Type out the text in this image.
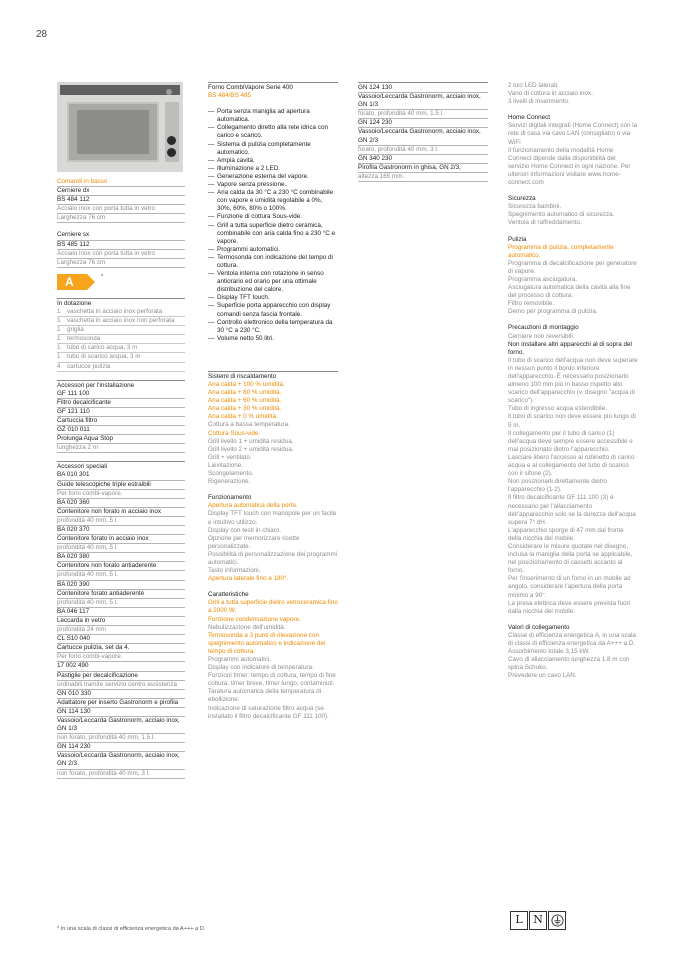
28
Comandi in basso
Cerniere dx
BS 484 112
Acciaio inox con porta tutta in vetro
Larghezza 76 cm
Cerniere sx
BS 485 112
Acciaio inox con porta tutta in vetro
Larghezza 76 cm
A	*
In dotazione
1 vaschetta in acciaio inox perforata
1 vaschetta in acciaio inox non perforata
1 griglia
1 termosonda
1 tubo di carico acqua, 3 m
1 tubo di scarico acqua, 3 m
4 cartucce pulizia
Accessori per l'installazione
GF 111 100
Filtro decalcificante
GF 121 110
Cartuccia filtro
GZ 010 011
Prolunga Aqua Stop
lunghezza 2 m
Accessori speciali
BA 010 301
Guide telescopiche triple estraibili
Per forni combi-vapore.
BA 020 360
Contenitore non forato in acciaio inox
profondità 40 mm, 5 l.
BA 020 370
Contenitore forato in acciaio inox
profondità 40 mm, 5 l.
BA 020 380
Contenitore non forato antiaderente
profondità 40 mm, 5 l.
BA 020 390
Contenitore forato antiaderente
profondità 40 mm, 5 l.
BA 046 117
Leccarda in vetro
profondità 24 mm
CL S10 040
Cartucce pulizia, set da 4.
Per forni combi-vapore.
17 002 490
Pastiglie per decalcificazione
ordinabili tramite servizio centro assistenza
GN 010 330
Adattatore per inserto Gastronorm e pirofila
GN 114 130
Vassoio/Leccarda Gastronorm, acciaio inox, GN 1/3
non forato, profondità 40 mm, 1.5 l.
GN 114 230
Vassoio/Leccarda Gastronorm, acciaio inox, GN 2/3
non forato, profondità 40 mm, 3 l.
Forno CombiVapore Serie 400
BS 484/BS 485
— Porta senza maniglia ad apertura automatica.
— Collegamento diretto alla rete idrica con carico e scarico.
— Sistema di pulizia completamente automatico.
— Ampia cavità.
— Illuminazione a 2 LED.
— Generazione esterna del vapore.
— Vapore senza pressione.
— Aria calda da 30 °C a 230 °C combinabile con vapore e umidità regolabile a 0%, 30%, 60%, 80% o 100%.
— Funzione di cottura Sous-vide.
— Grill a tutta superficie dietro ceramica, combinabile con aria calda fino a 230 °C e vapore.
— Programmi automatici.
— Termosonda con indicazione del tempo di cottura.
— Ventola interna con rotazione in senso antiorario ed orario per una ottimale distribuzione del calore.
— Display TFT touch.
— Superficie porta apparecchio con display comandi senza fascia frontale.
— Controllo elettronico della temperatura da 30 °C a 230 °C.
— Volume netto 50 litri.
Sistemi di riscaldamento
Aria calda + 100 % umidità.
Aria calda + 80 % umidità.
Aria calda + 60 % umidità.
Aria calda + 30 % umidità.
Aria calda + 0 % umidità.
Cottura a bassa temperatura.
Cottura Sous-vide.
Grill livello 1 + umidità residua.
Grill livello 2 + umidità residua.
Grill + ventilato.
Lievitazione.
Scongelamento.
Rigenerazione.
Funzionamento
Apertura automatica della porta.
Display TFT touch con manopole per un facile e intuitivo utilizzo.
Display con testi in chiaro.
Opzione per memorizzare ricette personalizzate.
Possibilità di personalizzazione dei programmi automatici.
Tasto informazioni.
Apertura laterale fino a 180°.
Caratteristiche
Grill a tutta superficie dietro vetroceramica fino a 2000 W.
Funzione condensazione vapore.
Nebulizzazione dell'umidità.
Termosonda a 3 punti di rilevazione con spegnimento automatico e indicazione del tempo di cottura.
Programmi automatici.
Display con indicatore di temperatura.
Funzioni timer: tempo di cottura, tempo di fine cottura, timer breve, timer lungo, contaminuti.
Taratura automatica della temperatura di ebollizione.
Indicazione di saturazione filtro acqua (se installato il filtro decalcificante GF 111 100).
GN 124 130
Vassoio/Leccarda Gastronorm, acciaio inox, GN 1/3
forato, profondità 40 mm, 1.5 l.
GN 124 230
Vassoio/Leccarda Gastronorm, acciaio inox, GN 2/3
forato, profondità 40 mm, 3 l.
GN 340 230
Pirofila Gastronorm in ghisa, GN 2/3,
altezza 165 mm.
2 luci LED laterali.
Vano di cottura in acciaio inox.
3 livelli di inserimento.
Home Connect
Servizi digitali integrati (Home Connect) con la rete di casa via cavo LAN (consigliato) o via WiFi
Il funzionamento della modalità Home Connect dipende dalla disponibilità del servizio Home Connect in ogni nazione. Per ulteriori informazioni visitare www.home-connect.com
Sicurezza
Sicurezza bambini.
Spegnimento automatico di sicurezza.
Ventola di raffreddamento.
Pulizia
Programma di pulizia, completamente automatico.
Programma di decalcificazione per generatore di vapore.
Programma asciugatura.
Asciugatura automatica della cavità alla fine del processo di cottura.
Filtro removibile.
Demo per programma di pulizia.
Precauzioni di montaggio
Cerniere non reversibili.
Non installare altri apparecchi al di sopra del forno.
Il tubo di scarico dell'acqua non deve superare in nessun punto il bordo inferiore dell'apparecchio. È necessario posizionarlo almeno 100 mm più in basso rispetto allo scarico dell'apparecchio (v. disegno "acqua di scarico").
Tubo di ingresso acqua estendibile.
Il tubo di scarico non deve essere più lungo di 5 m.
Il collegamento per il tubo di carico (1) dell'acqua deve sempre essere accessibile e mai posizionato dietro l'apparecchio.
Lasciare libero l'accesso al rubinetto di carico acqua e al collegamento del tubo di scarico con il sifone (2).
Non posizionarli direttamente dietro l'apparecchio (1-2).
Il filtro decalcificante GF 111 100 (3) è necessario per l'allacciamento dell'apparecchio solo se la durezza dell'acqua supera 7° dH.
L'apparecchio sporge di 47 mm dal fronte della nicchia del mobile.
Considerare le misure quotate nel disegno, inclusa la maniglia della porta se applicabile, nel posizionamento di cassetti accanto al forno.
Per l'inserimento di un forno in un mobile ad angolo, considerare l'apertura della porta minimo a 90°.
La presa elettrica deve essere prevista fuori dalla nicchia del mobile.
Valori di collegamento
Classe di efficienza energetica A, in una scala di classi di efficienza energetica da A+++ a D.
Assorbimento totale 3,15 kW.
Cavo di allacciamento lunghezza 1.8 m con spina Schuko.
Prevedere un cavo LAN.
L N
* In una scala di classi di efficienza energetica da A+++ a D.
